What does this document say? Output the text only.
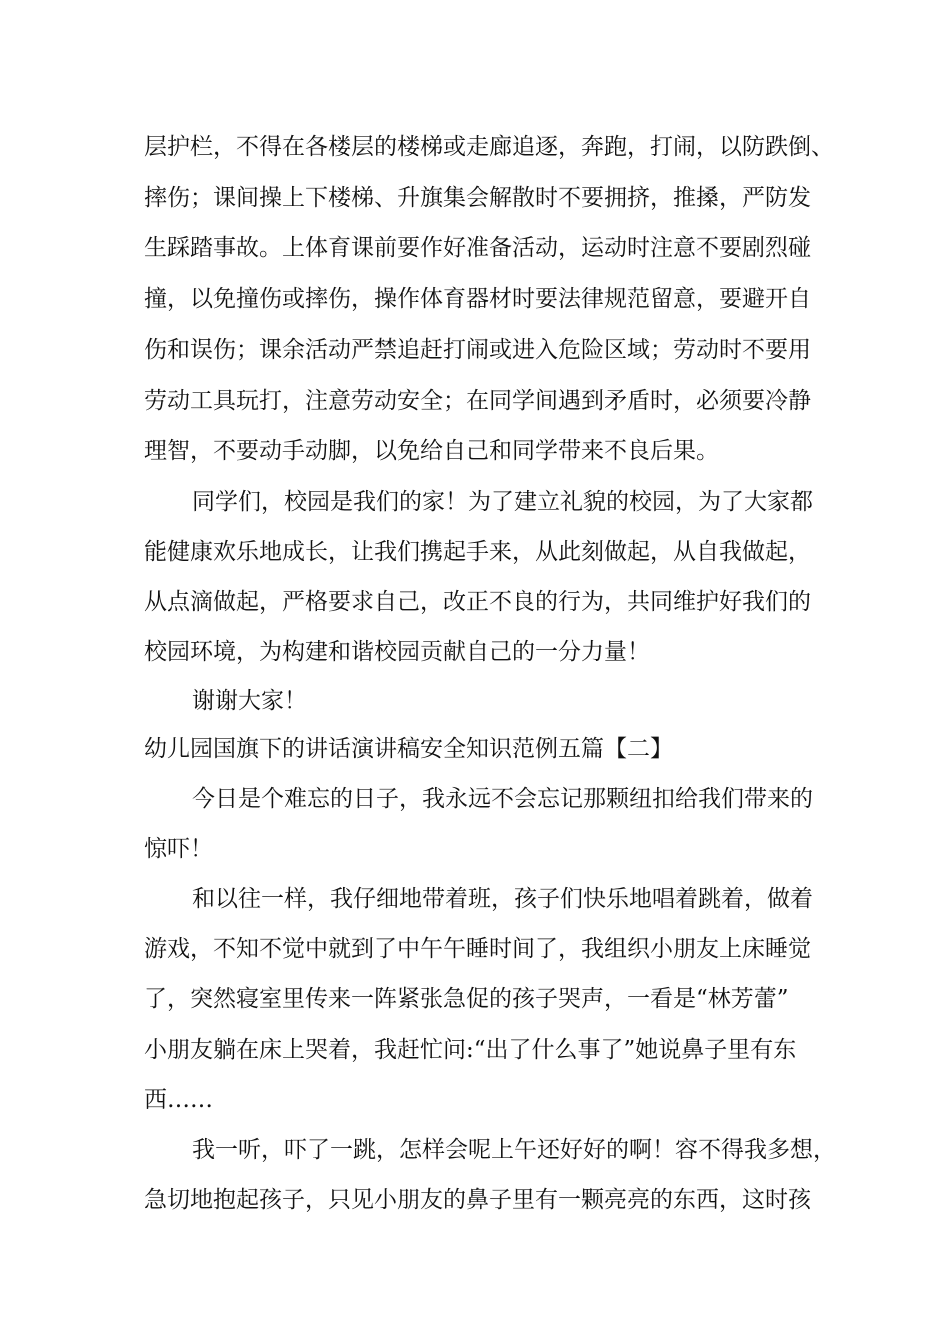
层护栏，不得在各楼层的楼梯或走廊追逐，奔跑，打闹，以防跌倒、
摔伤；课间操上下楼梯、升旗集会解散时不要拥挤，推搡，严防发
生踩踏事故。上体育课前要作好准备活动，运动时注意不要剧烈碰
撞，以免撞伤或摔伤，操作体育器材时要法律规范留意，要避开自
伤和误伤；课余活动严禁追赶打闹或进入危险区域；劳动时不要用
劳动工具玩打，注意劳动安全；在同学间遇到矛盾时，必须要冷静
理智，不要动手动脚，以免给自己和同学带来不良后果。
同学们，校园是我们的家！为了建立礼貌的校园，为了大家都
能健康欢乐地成长，让我们携起手来，从此刻做起，从自我做起，
从点滴做起，严格要求自己，改正不良的行为，共同维护好我们的
校园环境，为构建和谐校园贡献自己的一分力量！
谢谢大家！
幼儿园国旗下的讲话演讲稿安全知识范例五篇【二】
今日是个难忘的日子，我永远不会忘记那颗纽扣给我们带来的
惊吓！
和以往一样，我仔细地带着班，孩子们快乐地唱着跳着，做着
游戏，不知不觉中就到了中午午睡时间了，我组织小朋友上床睡觉
了，突然寝室里传来一阵紧张急促的孩子哭声，一看是“林芳蕾”
小朋友躺在床上哭着，我赶忙问:“出了什么事了”她说鼻子里有东
西……
我一听，吓了一跳，怎样会呢上午还好好的啊！容不得我多想，
急切地抱起孩子，只见小朋友的鼻子里有一颗亮亮的东西，这时孩
